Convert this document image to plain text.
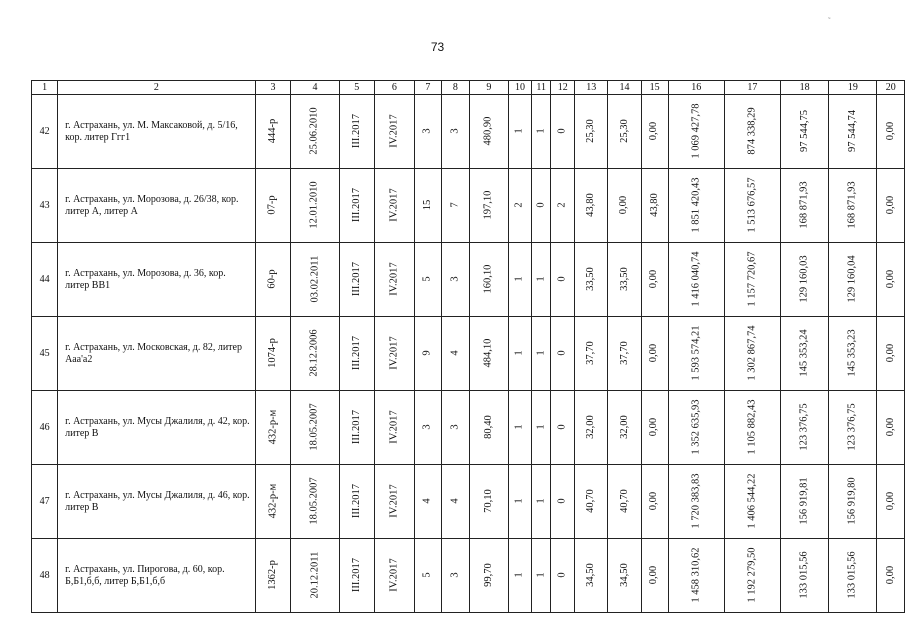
73
˜
1	2	3	4	5	6	7	8	9	10	11	12	13	14	15	16	17	18	19	20
42	г. Астрахань, ул. М. Максаковой, д. 5/16, кор. литер Ггг1	444-р	25.06.2010	III.2017	IV.2017	3	3	480,90	1	1	0	25,30	25,30	0,00	1 069 427,78	874 338,29	97 544,75	97 544,74	0,00
43	г. Астрахань, ул. Морозова, д. 26/38, кор. литер А, литер А	07-р	12.01.2010	III.2017	IV.2017	15	7	197,10	2	0	2	43,80	0,00	43,80	1 851 420,43	1 513 676,57	168 871,93	168 871,93	0,00
44	г. Астрахань, ул. Морозова, д. 36, кор. литер ВВ1	60-р	03.02.2011	III.2017	IV.2017	5	3	160,10	1	1	0	33,50	33,50	0,00	1 416 040,74	1 157 720,67	129 160,03	129 160,04	0,00
45	г. Астрахань, ул. Московская, д. 82, литер Ааа'а2	1074-р	28.12.2006	III.2017	IV.2017	9	4	484,10	1	1	0	37,70	37,70	0,00	1 593 574,21	1 302 867,74	145 353,24	145 353,23	0,00
46	г. Астрахань, ул. Мусы Джалиля, д. 42, кор. литер В	432-р-м	18.05.2007	III.2017	IV.2017	3	3	80,40	1	1	0	32,00	32,00	0,00	1 352 635,93	1 105 882,43	123 376,75	123 376,75	0,00
47	г. Астрахань, ул. Мусы Джалиля, д. 46, кор. литер В	432-р-м	18.05.2007	III.2017	IV.2017	4	4	70,10	1	1	0	40,70	40,70	0,00	1 720 383,83	1 406 544,22	156 919,81	156 919,80	0,00
48	г. Астрахань, ул. Пирогова, д. 60, кор. Б,Б1,б,б, литер Б,Б1,б,б	1362-р	20.12.2011	III.2017	IV.2017	5	3	99,70	1	1	0	34,50	34,50	0,00	1 458 310,62	1 192 279,50	133 015,56	133 015,56	0,00
